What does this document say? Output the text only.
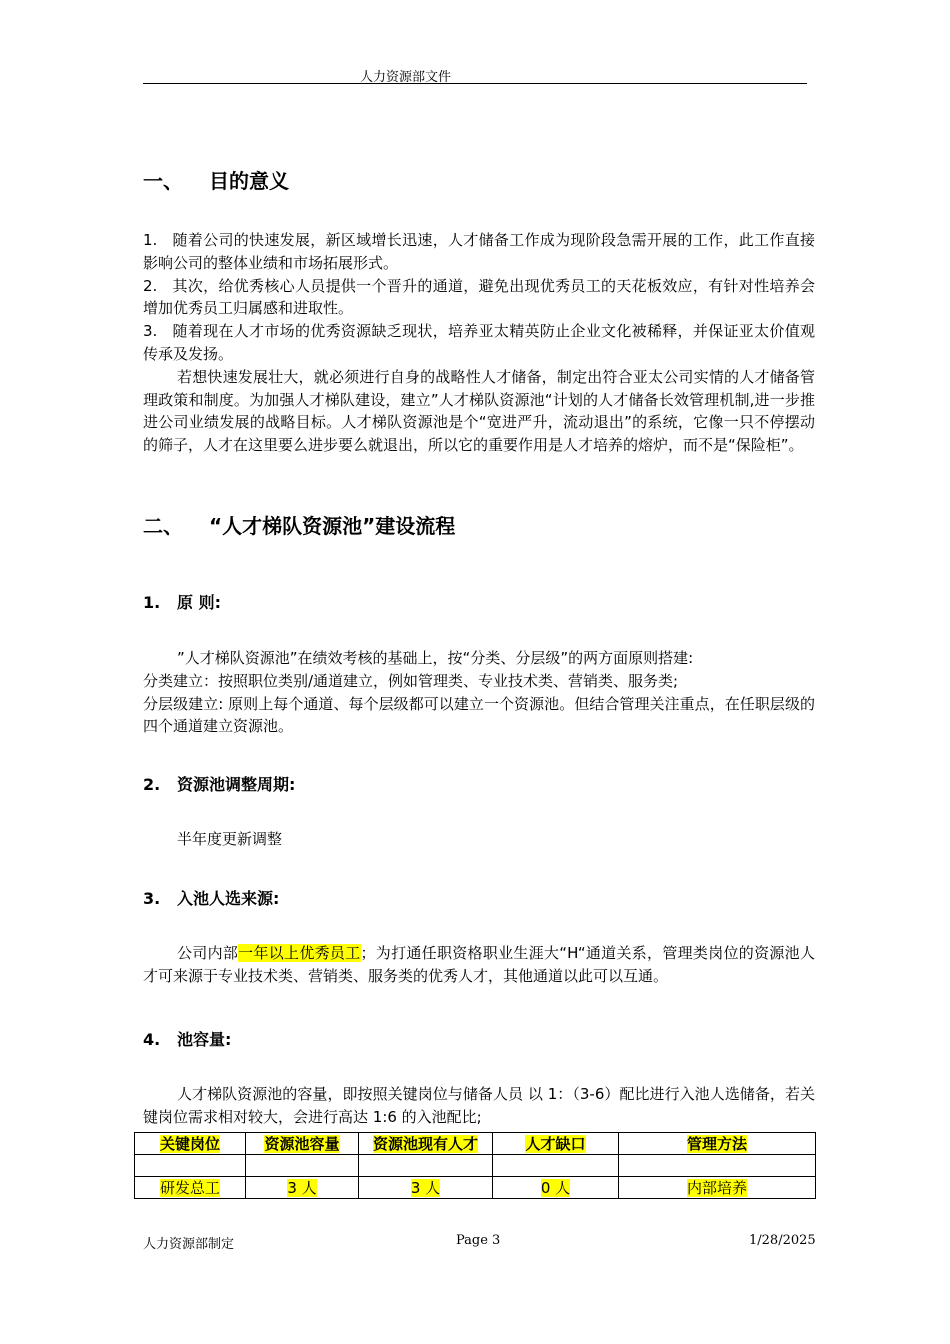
人力资源部文件
一、 目的意义

1.   随着公司的快速发展，新区域增长迅速，人才储备工作成为现阶段急需开展的工作，此工作直接影响公司的整体业绩和市场拓展形式。

2.   其次，给优秀核心人员提供一个晋升的通道，避免出现优秀员工的天花板效应，有针对性培养会增加优秀员工归属感和进取性。

3.   随着现在人才市场的优秀资源缺乏现状，培养亚太精英防止企业文化被稀释，并保证亚太价值观传承及发扬。

若想快速发展壮大，就必须进行自身的战略性人才储备，制定出符合亚太公司实情的人才储备管理政策和制度。为加强人才梯队建设，建立”人才梯队资源池“计划的人才储备长效管理机制,进一步推进公司业绩发展的战略目标。人才梯队资源池是个“宽进严升，流动退出”的系统，它像一只不停摆动的筛子，人才在这里要么进步要么就退出，所以它的重要作用是人才培养的熔炉，而不是“保险柜”。

二、 “人才梯队资源池”建设流程
1. 原 则:

”人才梯队资源池”在绩效考核的基础上，按“分类、分层级”的两方面原则搭建:

分类建立：按照职位类别/通道建立，例如管理类、专业技术类、营销类、服务类;

分层级建立: 原则上每个通道、每个层级都可以建立一个资源池。但结合管理关注重点，在任职层级的四个通道建立资源池。

2. 资源池调整周期:

半年度更新调整

3. 入池人选来源:

公司内部一年以上优秀员工；为打通任职资格职业生涯大“H“通道关系，管理类岗位的资源池人才可来源于专业技术类、营销类、服务类的优秀人才，其他通道以此可以互通。

4. 池容量:

人才梯队资源池的容量，即按照关键岗位与储备人员 以 1：（3-6）配比进行入池人选储备，若关键岗位需求相对较大，会进行高达 1:6 的入池配比;

关键岗位	资源池容量	资源池现有人才	人才缺口	管理方法

研发总工	3 人	3 人	0 人	内部培养
人力资源部制定	Page 3	1/28/2025
